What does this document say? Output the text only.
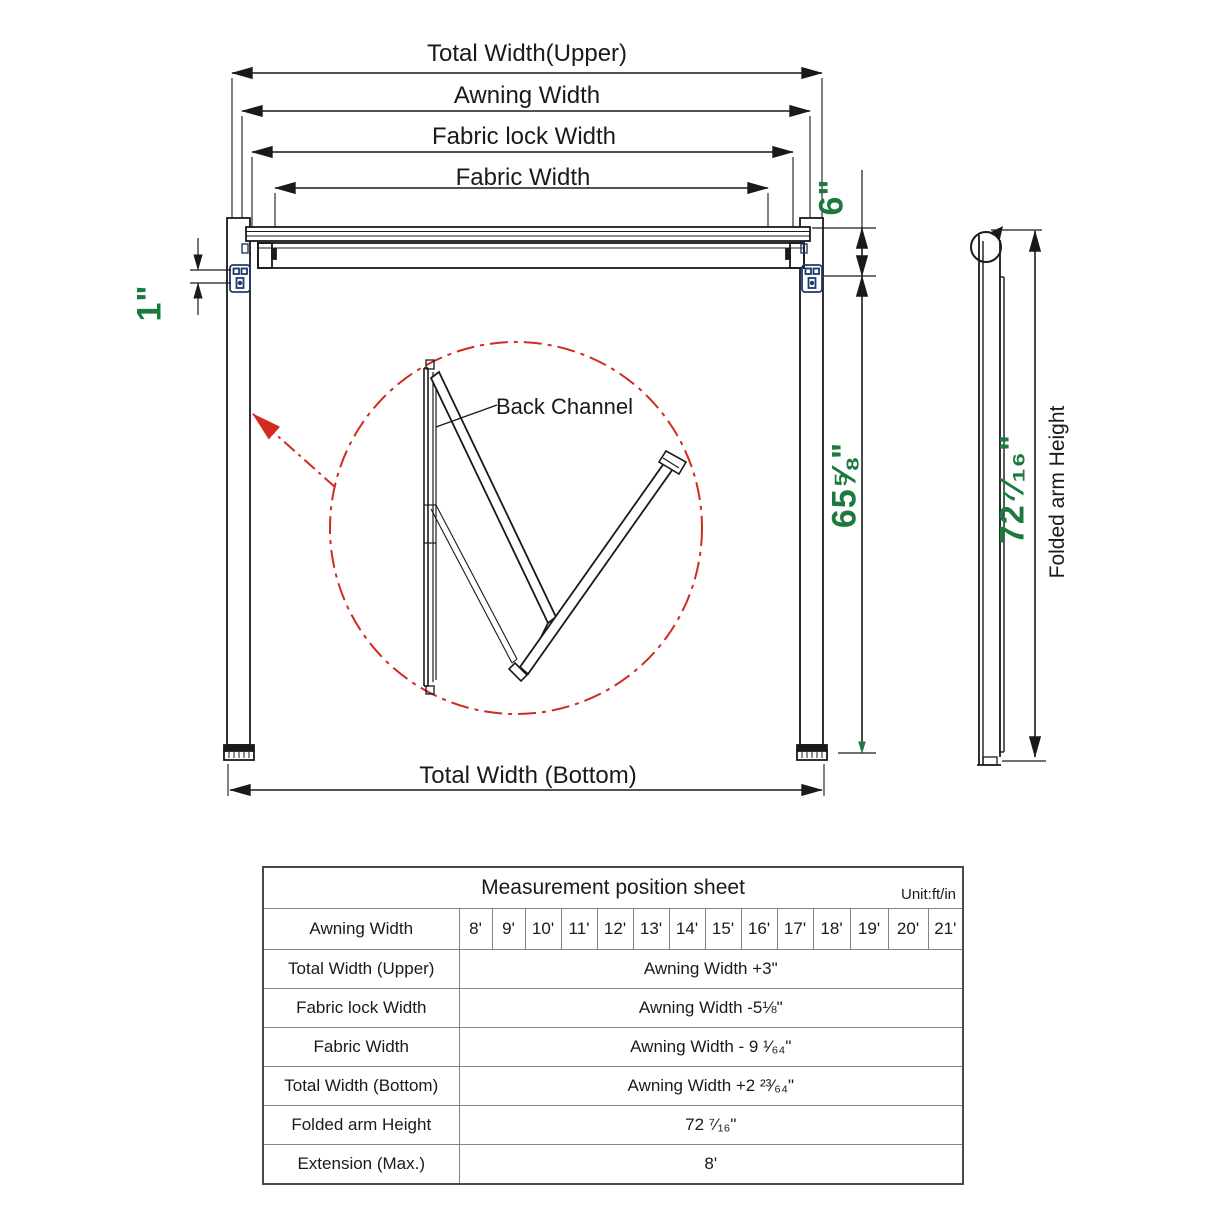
Total Width(Upper)
Awning Width
Fabric lock Width
Fabric Width
Total Width (Bottom)
Back Channel
1"
6"
65⅝"	72⁷⁄₁₆" Folded arm Height
Measurement position sheet Unit:ft/in														

Awning Width	8'	9'	10'	11'	12'	13'	14'	15'	16'	17'	18'	19'	20'	21'
Total Width (Upper)	Awning Width +3"													
Fabric lock Width	Awning Width -5⅛"													
Fabric Width	Awning Width - 9 ¹⁄₆₄"													
Total Width (Bottom)	Awning Width +2 ²³⁄₆₄"													
Folded arm Height	72 ⁷⁄₁₆"													
Extension (Max.)	8'													
